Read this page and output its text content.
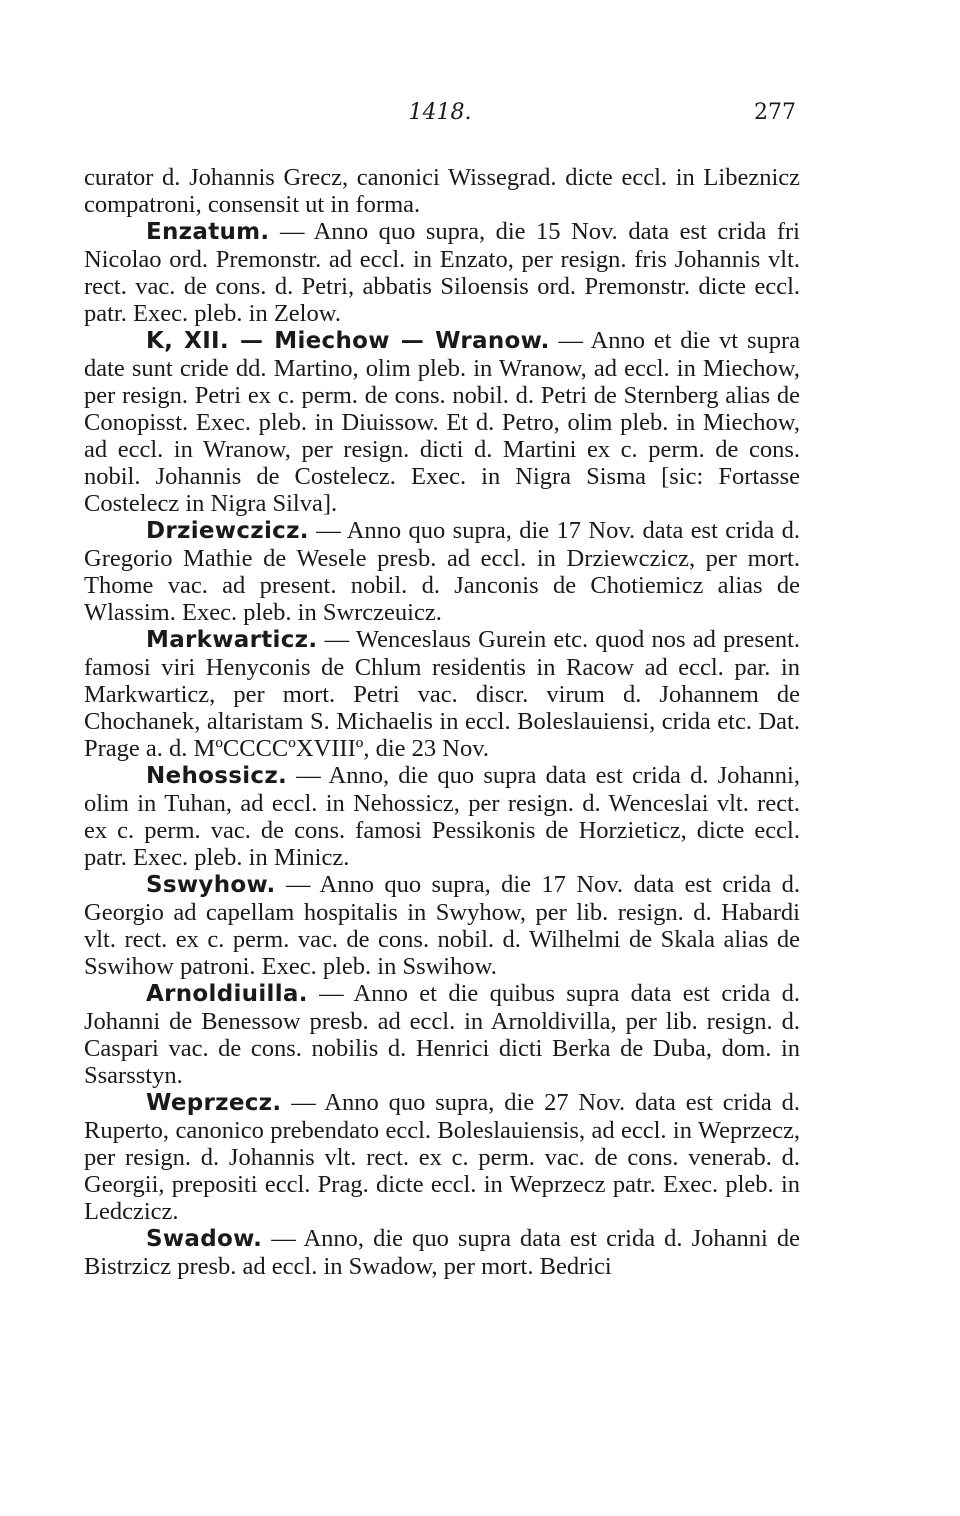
1418.	277

curator d. Johannis Grecz, canonici Wissegrad. dicte eccl. in Libeznicz compatroni, consensit ut in forma.

Enzatum. — Anno quo supra, die 15 Nov. data est crida fri Nicolao ord. Premonstr. ad eccl. in Enzato, per resign. fris Johannis vlt. rect. vac. de cons. d. Petri, abbatis Siloensis ord. Premonstr. dicte eccl. patr. Exec. pleb. in Zelow.

K, XII. — Miechow — Wranow. — Anno et die vt supra date sunt cride dd. Martino, olim pleb. in Wranow, ad eccl. in Miechow, per resign. Petri ex c. perm. de cons. nobil. d. Petri de Sternberg alias de Conopisst. Exec. pleb. in Diuissow. Et d. Petro, olim pleb. in Miechow, ad eccl. in Wranow, per resign. dicti d. Martini ex c. perm. de cons. nobil. Johannis de Costelecz. Exec. in Nigra Sisma [sic: Fortasse Costelecz in Nigra Silva].

Drziewczicz. — Anno quo supra, die 17 Nov. data est crida d. Gregorio Mathie de Wesele presb. ad eccl. in Drziewczicz, per mort. Thome vac. ad present. nobil. d. Janconis de Chotiemicz alias de Wlassim. Exec. pleb. in Swrczeuicz.

Markwarticz. — Wenceslaus Gurein etc. quod nos ad present. famosi viri Henyconis de Chlum residentis in Racow ad eccl. par. in Markwarticz, per mort. Petri vac. discr. virum d. Johannem de Chochanek, altaristam S. Michaelis in eccl. Boleslauiensi, crida etc. Dat. Prage a. d. MºCCCCºXVIIIº, die 23 Nov.

Nehossicz. — Anno, die quo supra data est crida d. Johanni, olim in Tuhan, ad eccl. in Nehossicz, per resign. d. Wenceslai vlt. rect. ex c. perm. vac. de cons. famosi Pessikonis de Horzieticz, dicte eccl. patr. Exec. pleb. in Minicz.

Sswyhow. — Anno quo supra, die 17 Nov. data est crida d. Georgio ad capellam hospitalis in Swyhow, per lib. resign. d. Habardi vlt. rect. ex c. perm. vac. de cons. nobil. d. Wilhelmi de Skala alias de Sswihow patroni. Exec. pleb. in Sswihow.

Arnoldiuilla. — Anno et die quibus supra data est crida d. Johanni de Benessow presb. ad eccl. in Arnoldivilla, per lib. resign. d. Caspari vac. de cons. nobilis d. Henrici dicti Berka de Duba, dom. in Ssarsstyn.

Weprzecz. — Anno quo supra, die 27 Nov. data est crida d. Ruperto, canonico prebendato eccl. Boleslauiensis, ad eccl. in Weprzecz, per resign. d. Johannis vlt. rect. ex c. perm. vac. de cons. venerab. d. Georgii, prepositi eccl. Prag. dicte eccl. in Weprzecz patr. Exec. pleb. in Ledczicz.

Swadow. — Anno, die quo supra data est crida d. Johanni de Bistrzicz presb. ad eccl. in Swadow, per mort. Bedrici
